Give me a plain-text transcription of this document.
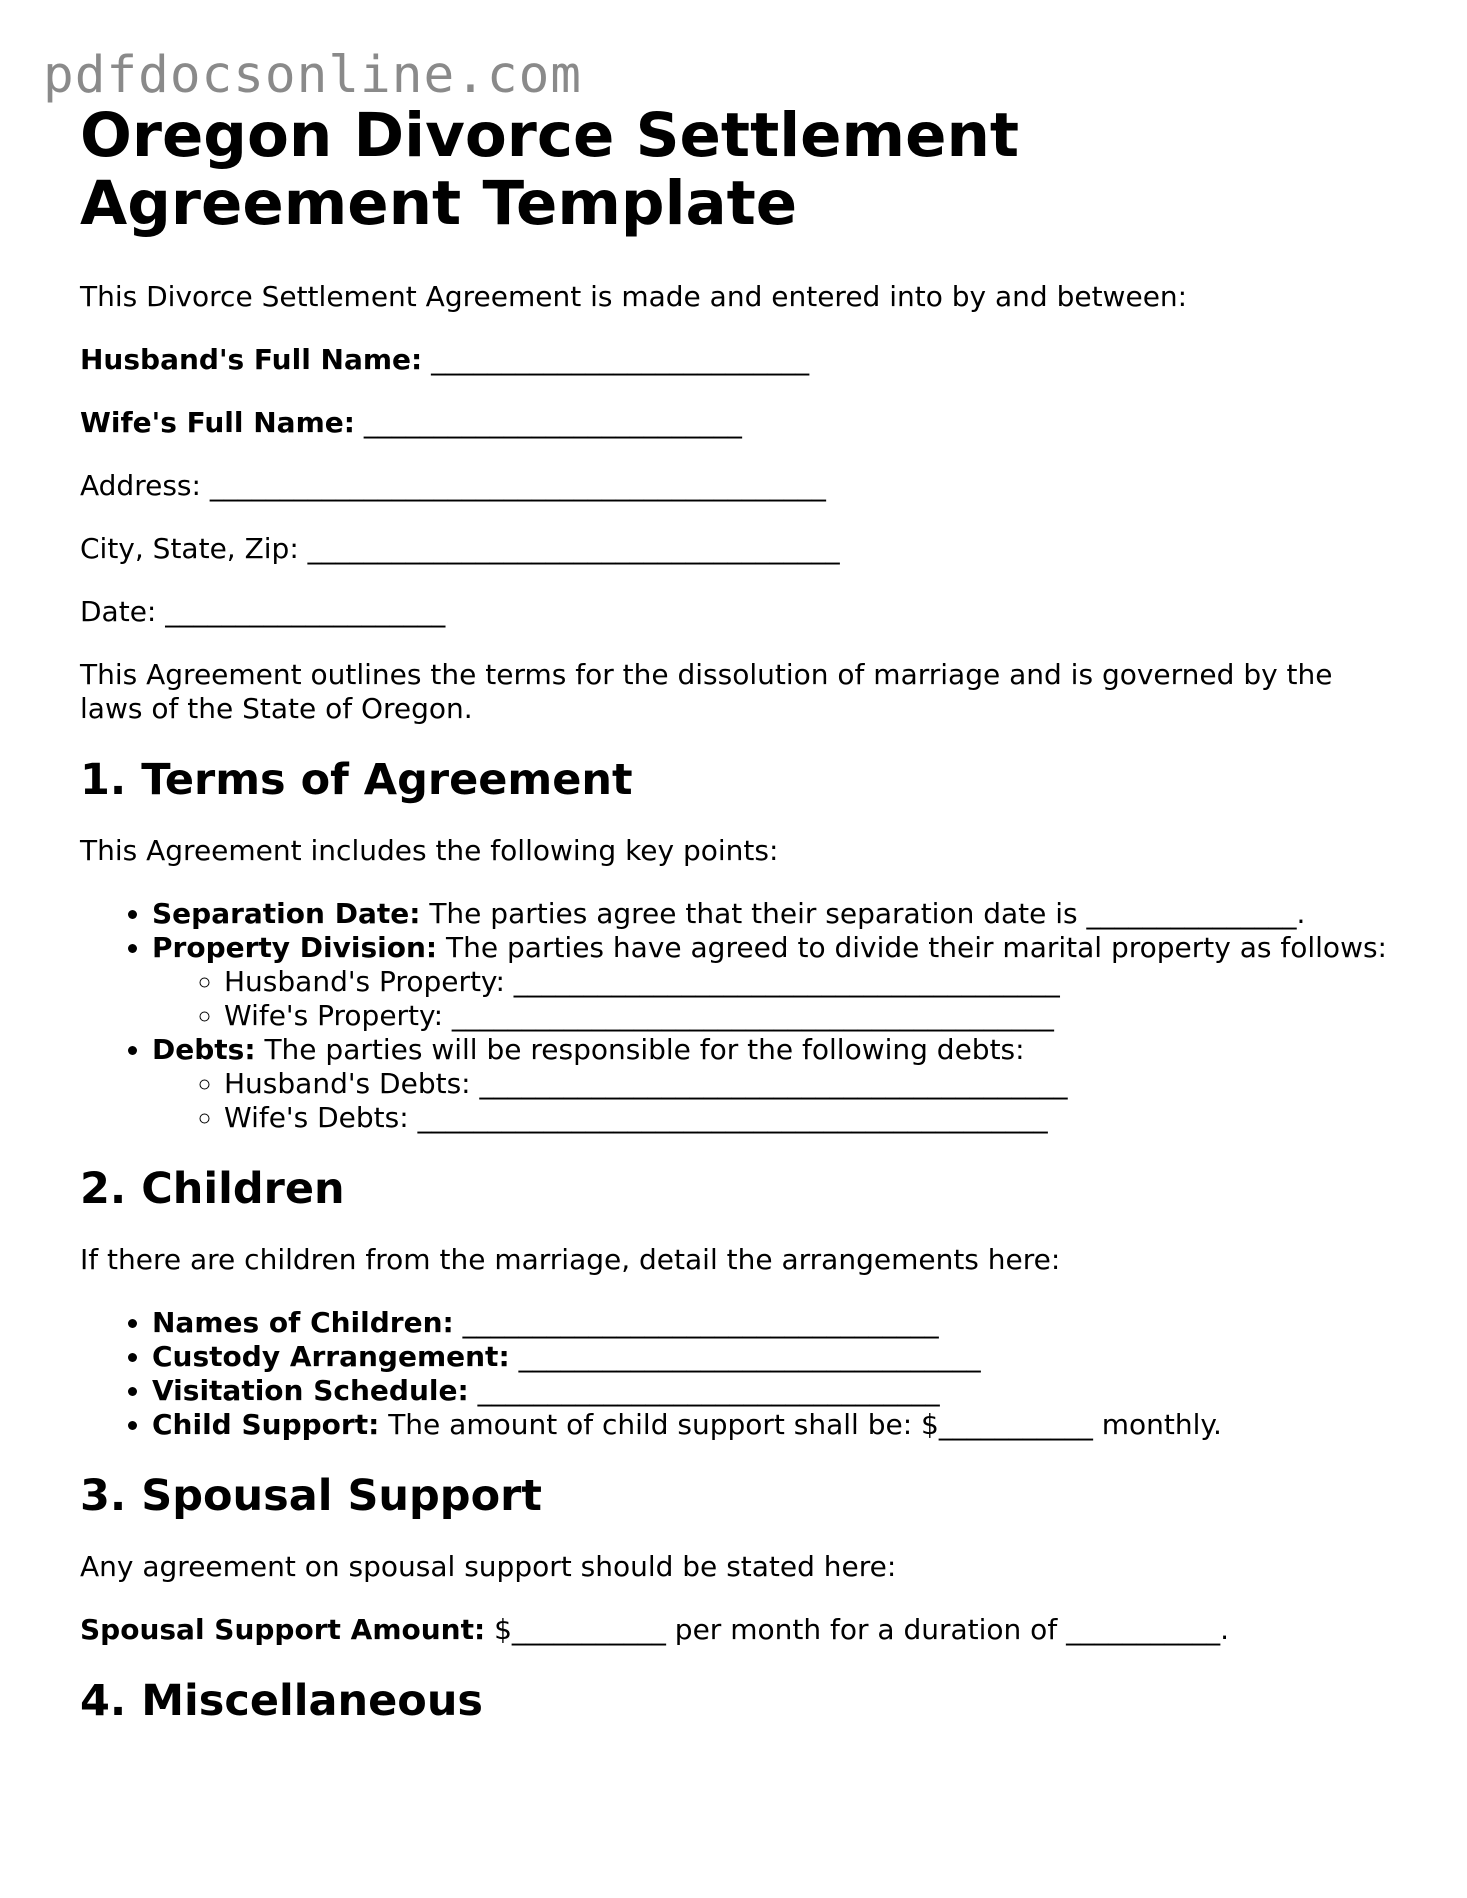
pdfdocsonline.com
Oregon Divorce Settlement Agreement Template

This Divorce Settlement Agreement is made and entered into by and between:

Husband's Full Name: ___________________________

Wife's Full Name: ___________________________

Address: ____________________________________________

City, State, Zip: ______________________________________

Date: ____________________

This Agreement outlines the terms for the dissolution of marriage and is governed by the laws of the State of Oregon.

1. Terms of Agreement

This Agreement includes the following key points:

• Separation Date: The parties agree that their separation date is _______________.
• Property Division: The parties have agreed to divide their marital property as follows:
◦ Husband's Property: _______________________________________
◦ Wife's Property: ___________________________________________
• Debts: The parties will be responsible for the following debts:
◦ Husband's Debts: __________________________________________
◦ Wife's Debts: _____________________________________________
2. Children

If there are children from the marriage, detail the arrangements here:

• Names of Children: __________________________________
• Custody Arrangement: _________________________________
• Visitation Schedule: _________________________________
• Child Support: The amount of child support shall be: $___________ monthly.
3. Spousal Support

Any agreement on spousal support should be stated here:

Spousal Support Amount: $___________ per month for a duration of ___________.

4. Miscellaneous
